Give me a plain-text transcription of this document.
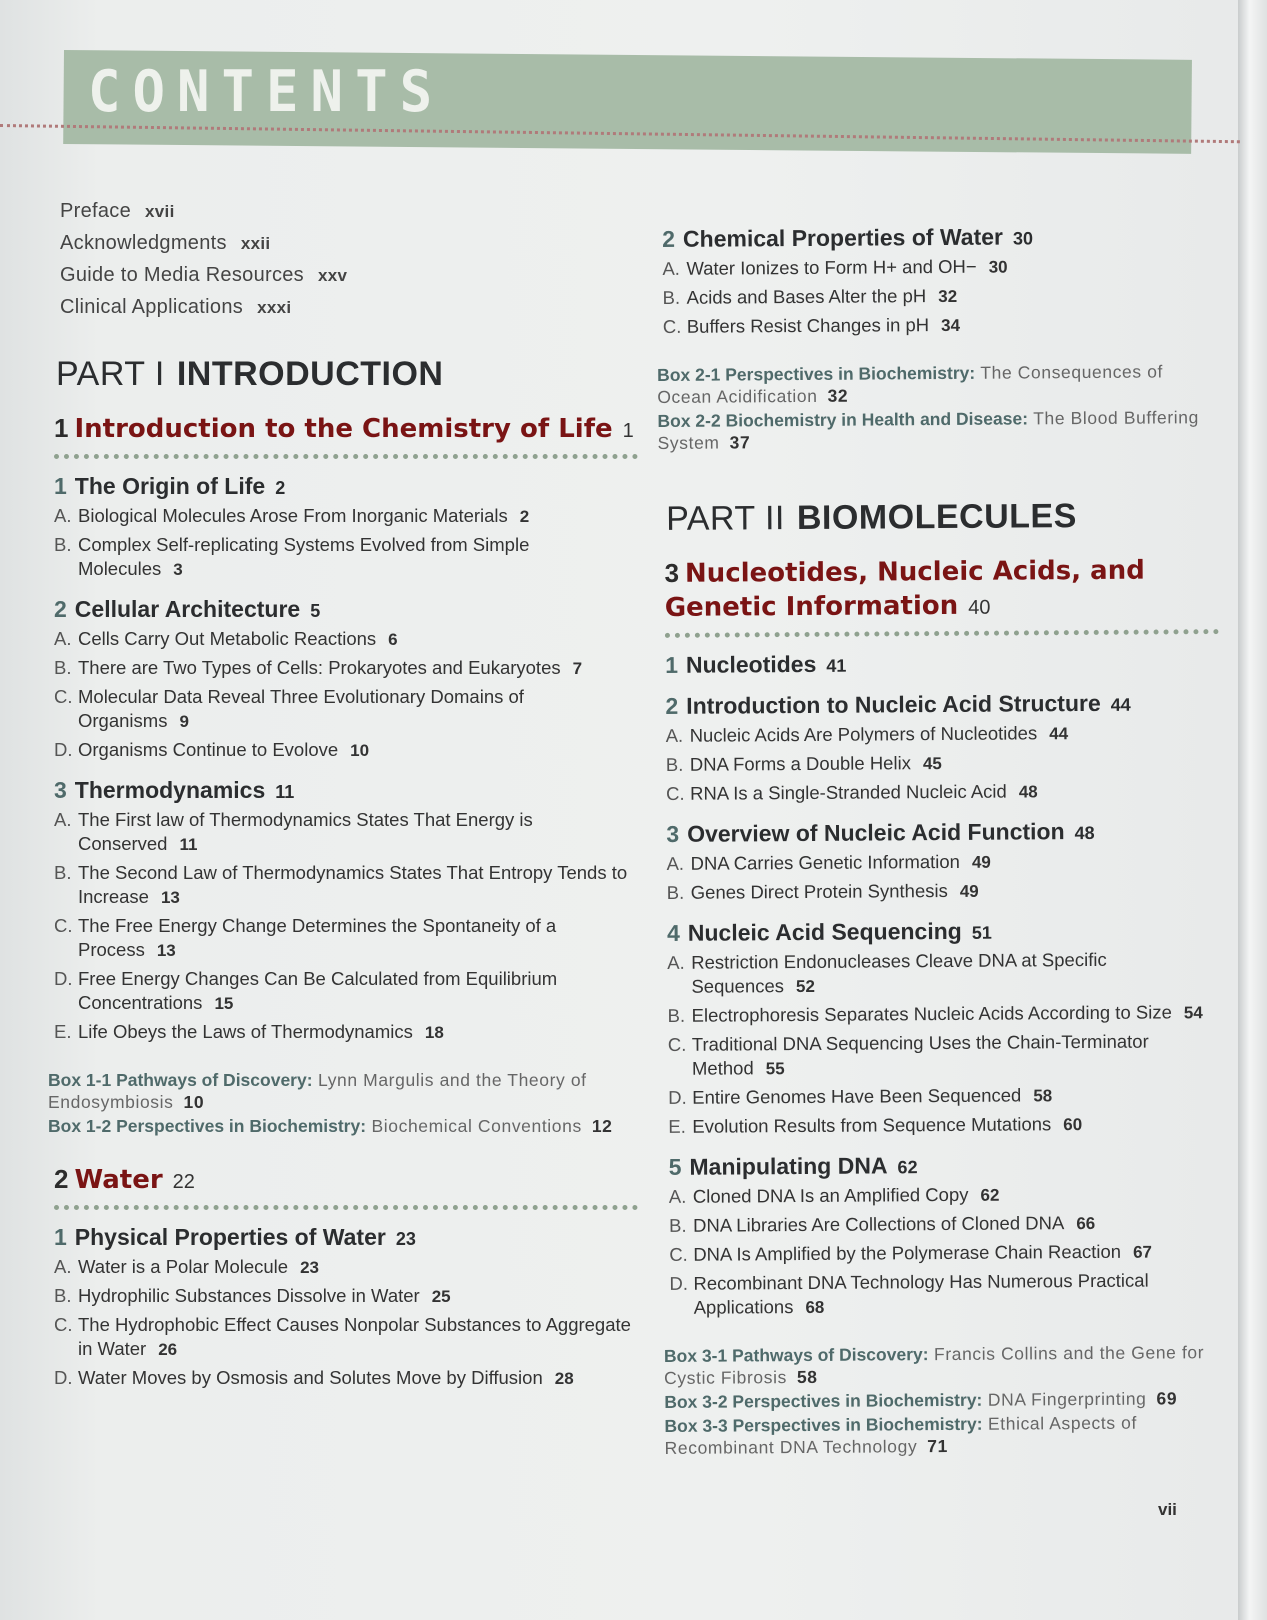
CONTENTS
Preface xvii
Acknowledgments xxii
Guide to Media Resources xxv
Clinical Applications xxxi
PART I INTRODUCTION
1 Introduction to the Chemistry of Life 1
1 The Origin of Life 2
A. Biological Molecules Arose From Inorganic Materials 2
B. Complex Self-replicating Systems Evolved from Simple Molecules 3
2 Cellular Architecture 5
A. Cells Carry Out Metabolic Reactions 6
B. There are Two Types of Cells: Prokaryotes and Eukaryotes 7
C. Molecular Data Reveal Three Evolutionary Domains of Organisms 9
D. Organisms Continue to Evolove 10
3 Thermodynamics 11
A. The First law of Thermodynamics States That Energy is Conserved 11
B. The Second Law of Thermodynamics States That Entropy Tends to Increase 13
C. The Free Energy Change Determines the Spontaneity of a Process 13
D. Free Energy Changes Can Be Calculated from Equilibrium Concentrations 15
E. Life Obeys the Laws of Thermodynamics 18
Box 1-1 Pathways of Discovery: Lynn Margulis and the Theory of Endosymbiosis 10
Box 1-2 Perspectives in Biochemistry: Biochemical Conventions 12
2 Water 22
1 Physical Properties of Water 23
A. Water is a Polar Molecule 23
B. Hydrophilic Substances Dissolve in Water 25
C. The Hydrophobic Effect Causes Nonpolar Substances to Aggregate in Water 26
D. Water Moves by Osmosis and Solutes Move by Diffusion 28
2 Chemical Properties of Water 30
A. Water Ionizes to Form H+ and OH− 30
B. Acids and Bases Alter the pH 32
C. Buffers Resist Changes in pH 34
Box 2-1 Perspectives in Biochemistry: The Consequences of Ocean Acidification 32
Box 2-2 Biochemistry in Health and Disease: The Blood Buffering System 37
PART II BIOMOLECULES
3 Nucleotides, Nucleic Acids, and Genetic Information 40
1 Nucleotides 41
2 Introduction to Nucleic Acid Structure 44
A. Nucleic Acids Are Polymers of Nucleotides 44
B. DNA Forms a Double Helix 45
C. RNA Is a Single-Stranded Nucleic Acid 48
3 Overview of Nucleic Acid Function 48
A. DNA Carries Genetic Information 49
B. Genes Direct Protein Synthesis 49
4 Nucleic Acid Sequencing 51
A. Restriction Endonucleases Cleave DNA at Specific Sequences 52
B. Electrophoresis Separates Nucleic Acids According to Size 54
C. Traditional DNA Sequencing Uses the Chain-Terminator Method 55
D. Entire Genomes Have Been Sequenced 58
E. Evolution Results from Sequence Mutations 60
5 Manipulating DNA 62
A. Cloned DNA Is an Amplified Copy 62
B. DNA Libraries Are Collections of Cloned DNA 66
C. DNA Is Amplified by the Polymerase Chain Reaction 67
D. Recombinant DNA Technology Has Numerous Practical Applications 68
Box 3-1 Pathways of Discovery: Francis Collins and the Gene for Cystic Fibrosis 58
Box 3-2 Perspectives in Biochemistry: DNA Fingerprinting 69
Box 3-3 Perspectives in Biochemistry: Ethical Aspects of Recombinant DNA Technology 71
vii
